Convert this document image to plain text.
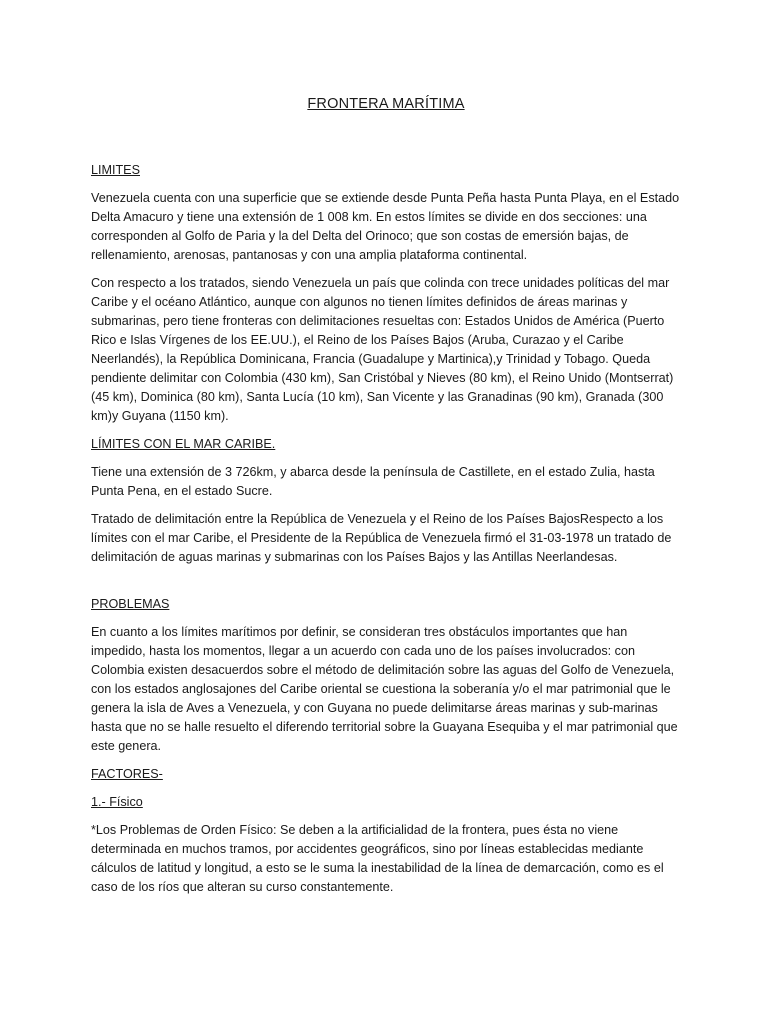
FRONTERA MARÍTIMA
LIMITES

Venezuela cuenta con una superficie que se extiende desde Punta Peña hasta Punta Playa, en el Estado Delta Amacuro y tiene una extensión de 1 008 km. En estos límites se divide en dos secciones: una corresponden al Golfo de Paria y la del Delta del Orinoco; que son costas de emersión bajas, de rellenamiento, arenosas, pantanosas y con una amplia plataforma continental.

Con respecto a los tratados, siendo Venezuela un país que colinda con trece unidades políticas del mar Caribe y el océano Atlántico, aunque con algunos no tienen límites definidos de áreas marinas y submarinas, pero tiene fronteras con delimitaciones resueltas con: Estados Unidos de América (Puerto Rico e Islas Vírgenes de los EE.UU.), el Reino de los Países Bajos (Aruba, Curazao y el Caribe Neerlandés), la República Dominicana, Francia (Guadalupe y Martinica),y Trinidad y Tobago. Queda pendiente delimitar con Colombia (430 km), San Cristóbal y Nieves (80 km), el Reino Unido (Montserrat) (45 km), Dominica (80 km), Santa Lucía (10 km), San Vicente y las Granadinas (90 km), Granada (300 km)y Guyana (1150 km).

LÍMITES CON EL MAR CARIBE.

Tiene una extensión de 3 726km, y abarca desde la península de Castillete, en el estado Zulia, hasta Punta Pena, en el estado Sucre.

Tratado de delimitación entre la República de Venezuela y el Reino de los Países BajosRespecto a los límites con el mar Caribe, el Presidente de la República de Venezuela firmó el 31-03-1978 un tratado de delimitación de aguas marinas y submarinas con los Países Bajos y las Antillas Neerlandesas.

PROBLEMAS

En cuanto a los límites marítimos por definir, se consideran tres obstáculos importantes que han impedido, hasta los momentos, llegar a un acuerdo con cada uno de los países involucrados: con Colombia existen desacuerdos sobre el método de delimitación sobre las aguas del Golfo de Venezuela, con los estados anglosajones del Caribe oriental se cuestiona la soberanía y/o el mar patrimonial que le genera la isla de Aves a Venezuela, y con Guyana no puede delimitarse áreas marinas y sub-marinas hasta que no se halle resuelto el diferendo territorial sobre la Guayana Esequiba y el mar patrimonial que este genera.

FACTORES-
1.- Físico

*Los Problemas de Orden Físico: Se deben a la artificialidad de la frontera, pues ésta no viene determinada en muchos tramos, por accidentes geográficos, sino por líneas establecidas mediante cálculos de latitud y longitud, a esto se le suma la inestabilidad de la línea de demarcación, como es el caso de los ríos que alteran su curso constantemente.
